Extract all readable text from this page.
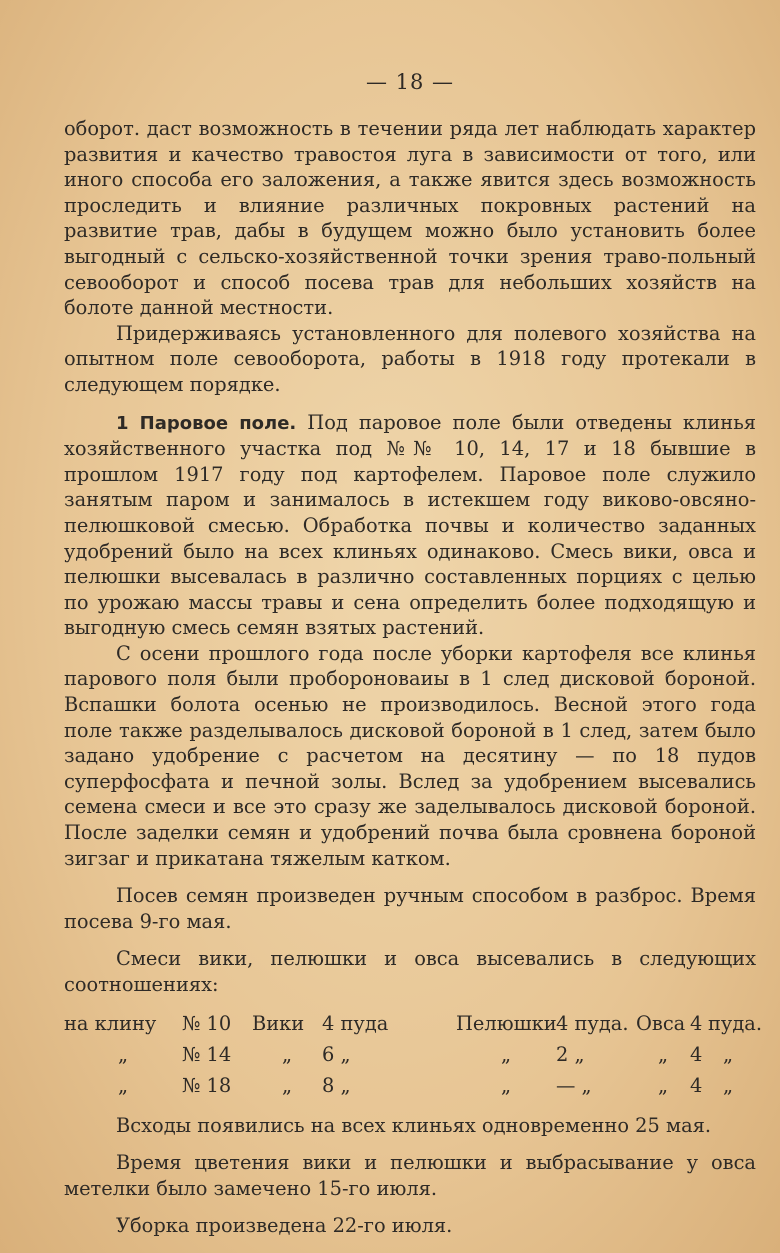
— 18 —

оборот. даст возможность в течении ряда лет наблюдать характер развития и качество травостоя луга в зависимости от того, или иного способа его заложения, а также явится здесь возможность проследить и влияние различных покровных растений на развитие трав, дабы в будущем можно было установить более выгодный с сельско-хозяйственной точки зрения траво-польный севооборот и способ посева трав для небольших хозяйств на болоте данной местности.

Придерживаясь установленного для полевого хозяйства на опытном поле севооборота, работы в 1918 году протекали в следующем порядке.

1 Паровое поле. Под паровое поле были отведены клинья хозяйственного участка под №№ 10, 14, 17 и 18 бывшие в прошлом 1917 году под картофелем. Паровое поле служило занятым паром и занималось в истекшем году виково-овсяно-пелюшковой смесью. Обработка почвы и количество заданных удобрений было на всех клиньях одинаково. Смесь вики, овса и пелюшки высевалась в различно составленных порциях с целью по урожаю массы травы и сена определить более подходящую и выгодную смесь семян взятых растений.

С осени прошлого года после уборки картофеля все клинья парового поля были пробороноваиы в 1 след дисковой бороной. Вспашки болота осенью не производилось. Весной этого года поле также разделывалось дисковой бороной в 1 след, затем было задано удобрение с расчетом на десятину — по 18 пудов суперфосфата и печной золы. Вслед за удобрением высевались семена смеси и все это сразу же заделывалось дисковой бороной. После заделки семян и удобрений почва была сровнена бороной зигзаг и прикатана тяжелым катком.

Посев семян произведен ручным способом в разброс. Время посева 9-го мая.

Смеси вики, пелюшки и овса высевались в следующих соотношениях:

на клину	№ 10	Вики 4 пуда	Пелюшки 4 пуда. Овса 4 пуда.
„	№ 14	„	6 „	„	2 „	„	4	„
„	№ 18	„	8 „	„	— „	„	4	„

Всходы появились на всех клиньях одновременно 25 мая.

Время цветения вики и пелюшки и выбрасывание у овса метелки было замечено 15-го июля.

Уборка произведена 22-го июля.
